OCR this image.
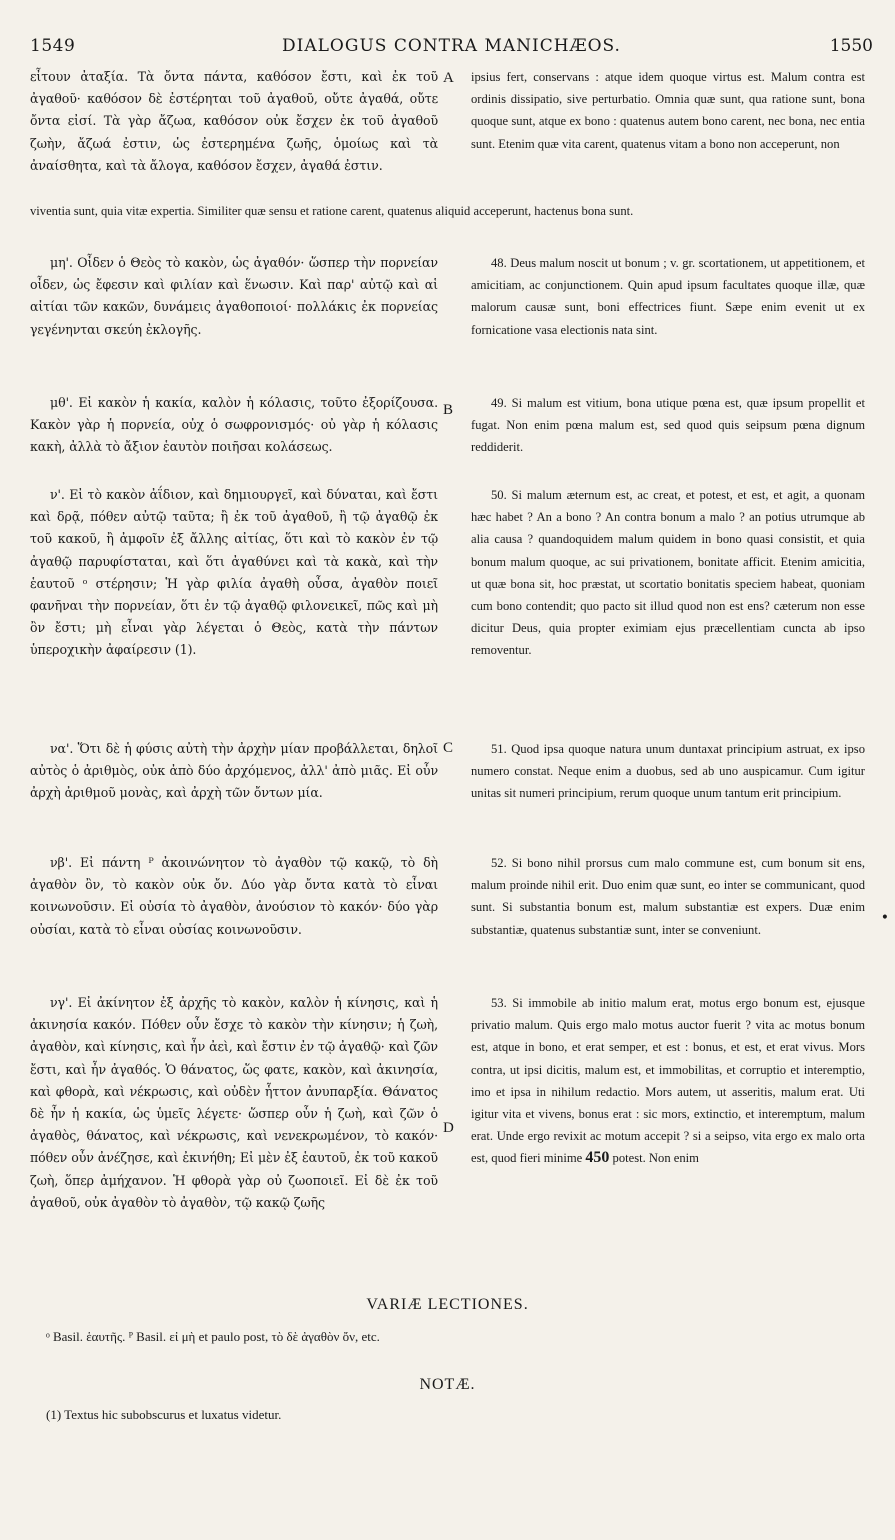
1549	DIALOGUS CONTRA MANICHÆOS.	1550
A
B
C
D
εἶτουν ἀταξία. Τὰ ὄντα πάντα, καθόσον ἔστι, καὶ ἐκ τοῦ ἀγαθοῦ· καθόσον δὲ ἐστέρηται τοῦ ἀγαθοῦ, οὔτε ἀγαθά, οὔτε ὄντα εἰσί. Τὰ γὰρ ἄζωα, καθόσον οὐκ ἔσχεν ἐκ τοῦ ἀγαθοῦ ζωὴν, ἄζωά ἐστιν, ὡς ἐστερημένα ζωῆς, ὁμοίως καὶ τὰ ἀναίσθητα, καὶ τὰ ἄλογα, καθόσον ἔσχεν, ἀγαθά ἐστιν.
ipsius fert, conservans : atque idem quoque virtus est. Malum contra est ordinis dissipatio, sive perturbatio. Omnia quæ sunt, qua ratione sunt, bona quoque sunt, atque ex bono : quatenus autem bono carent, nec bona, nec entia sunt. Etenim quæ vita carent, quatenus vitam a bono non acceperunt, non
viventia sunt, quia vitæ expertia. Similiter quæ sensu et ratione carent, quatenus aliquid acceperunt, hactenus bona sunt.
μη'. Οἶδεν ὁ Θεὸς τὸ κακὸν, ὡς ἀγαθόν· ὥσπερ τὴν πορνείαν οἶδεν, ὡς ἔφεσιν καὶ φιλίαν καὶ ἕνωσιν. Καὶ παρ' αὐτῷ καὶ αἱ αἰτίαι τῶν κακῶν, δυνάμεις ἀγαθοποιοί· πολλάκις ἐκ πορνείας γεγένηνται σκεύη ἐκλογῆς.
48. Deus malum noscit ut bonum ; v. gr. scortationem, ut appetitionem, et amicitiam, ac conjunctionem. Quin apud ipsum facultates quoque illæ, quæ malorum causæ sunt, boni effectrices fiunt. Sæpe enim evenit ut ex fornicatione vasa electionis nata sint.
μθ'. Εἰ κακὸν ἡ κακία, καλὸν ἡ κόλασις, τοῦτο ἐξορίζουσα. Κακὸν γὰρ ἡ πορνεία, οὐχ ὁ σωφρονισμός· οὐ γὰρ ἡ κόλασις κακὴ, ἀλλὰ τὸ ἄξιον ἑαυτὸν ποιῆσαι κολάσεως.
49. Si malum est vitium, bona utique pœna est, quæ ipsum propellit et fugat. Non enim pœna malum est, sed quod quis seipsum pœna dignum reddiderit.
ν'. Εἰ τὸ κακὸν ἀΐδιον, καὶ δημιουργεῖ, καὶ δύναται, καὶ ἔστι καὶ δρᾷ, πόθεν αὐτῷ ταῦτα; ἢ ἐκ τοῦ ἀγαθοῦ, ἢ τῷ ἀγαθῷ ἐκ τοῦ κακοῦ, ἢ ἀμφοῖν ἐξ ἄλλης αἰτίας, ὅτι καὶ τὸ κακὸν ἐν τῷ ἀγαθῷ παρυφίσταται, καὶ ὅτι ἀγαθύνει καὶ τὰ κακὰ, καὶ τὴν ἑαυτοῦ ᵒ στέρησιν; Ἡ γὰρ φιλία ἀγαθὴ οὖσα, ἀγαθὸν ποιεῖ φανῆναι τὴν πορνείαν, ὅτι ἐν τῷ ἀγαθῷ φιλονεικεῖ, πῶς καὶ μὴ ὂν ἔστι; μὴ εἶναι γὰρ λέγεται ὁ Θεὸς, κατὰ τὴν πάντων ὑπεροχικὴν ἀφαίρεσιν (1).
50. Si malum æternum est, ac creat, et potest, et est, et agit, a quonam hæc habet ? An a bono ? An contra bonum a malo ? an potius utrumque ab alia causa ? quandoquidem malum quidem in bono quasi consistit, et quia bonum malum quoque, ac sui privationem, bonitate afficit. Etenim amicitia, ut quæ bona sit, hoc præstat, ut scortatio bonitatis speciem habeat, quoniam cum bono contendit; quo pacto sit illud quod non est ens? cæterum non esse dicitur Deus, quia propter eximiam ejus præcellentiam cuncta ab ipso removentur.
να'. Ὅτι δὲ ἡ φύσις αὐτὴ τὴν ἀρχὴν μίαν προβάλλεται, δηλοῖ αὐτὸς ὁ ἀριθμὸς, οὐκ ἀπὸ δύο ἀρχόμενος, ἀλλ' ἀπὸ μιᾶς. Εἰ οὖν ἀρχὴ ἀριθμοῦ μονὰς, καὶ ἀρχὴ τῶν ὄντων μία.
51. Quod ipsa quoque natura unum duntaxat principium astruat, ex ipso numero constat. Neque enim a duobus, sed ab uno auspicamur. Cum igitur unitas sit numeri principium, rerum quoque unum tantum erit principium.
νβ'. Εἰ πάντη ᴾ ἀκοινώνητον τὸ ἀγαθὸν τῷ κακῷ, τὸ δὴ ἀγαθὸν ὂν, τὸ κακὸν οὐκ ὄν. Δύο γὰρ ὄντα κατὰ τὸ εἶναι κοινωνοῦσιν. Εἰ οὐσία τὸ ἀγαθὸν, ἀνούσιον τὸ κακόν· δύο γὰρ οὐσίαι, κατὰ τὸ εἶναι οὐσίας κοινωνοῦσιν.
52. Si bono nihil prorsus cum malo commune est, cum bonum sit ens, malum proinde nihil erit. Duo enim quæ sunt, eo inter se communicant, quod sunt. Si substantia bonum est, malum substantiæ est expers. Duæ enim substantiæ, quatenus substantiæ sunt, inter se conveniunt.
•
νγ'. Εἰ ἀκίνητον ἐξ ἀρχῆς τὸ κακὸν, καλὸν ἡ κίνησις, καὶ ἡ ἀκινησία κακόν. Πόθεν οὖν ἔσχε τὸ κακὸν τὴν κίνησιν; ἡ ζωὴ, ἀγαθὸν, καὶ κίνησις, καὶ ἦν ἀεὶ, καὶ ἔστιν ἐν τῷ ἀγαθῷ· καὶ ζῶν ἔστι, καὶ ἦν ἀγαθός. Ὁ θάνατος, ὥς φατε, κακὸν, καὶ ἀκινησία, καὶ φθορὰ, καὶ νέκρωσις, καὶ οὐδὲν ἧττον ἀνυπαρξία. Θάνατος δὲ ἦν ἡ κακία, ὡς ὑμεῖς λέγετε· ὥσπερ οὖν ἡ ζωὴ, καὶ ζῶν ὁ ἀγαθὸς, θάνατος, καὶ νέκρωσις, καὶ νενεκρωμένον, τὸ κακόν· πόθεν οὖν ἀνέζησε, καὶ ἐκινήθη; Εἰ μὲν ἐξ ἑαυτοῦ, ἐκ τοῦ κακοῦ ζωὴ, ὅπερ ἀμήχανον. Ἡ φθορὰ γὰρ οὐ ζωοποιεῖ. Εἰ δὲ ἐκ τοῦ ἀγαθοῦ, οὐκ ἀγαθὸν τὸ ἀγαθὸν, τῷ κακῷ ζωῆς
53. Si immobile ab initio malum erat, motus ergo bonum est, ejusque privatio malum. Quis ergo malo motus auctor fuerit ? vita ac motus bonum est, atque in bono, et erat semper, et est : bonus, et est, et erat vivus. Mors contra, ut ipsi dicitis, malum est, et immobilitas, et corruptio et interemptio, imo et ipsa in nihilum redactio. Mors autem, ut asseritis, malum erat. Uti igitur vita et vivens, bonus erat : sic mors, extinctio, et interemptum, malum erat. Unde ergo revixit ac motum accepit ? si a seipso, vita ergo ex malo orta est, quod fieri minime 450 potest. Non enim
VARIÆ LECTIONES.
ᵒ Basil. ἑαυτῆς. ᴾ Basil. εἰ μὴ et paulo post, τὸ δὲ ἀγαθὸν ὄν, etc.
NOTÆ.
(1) Textus hic subobscurus et luxatus videtur.
